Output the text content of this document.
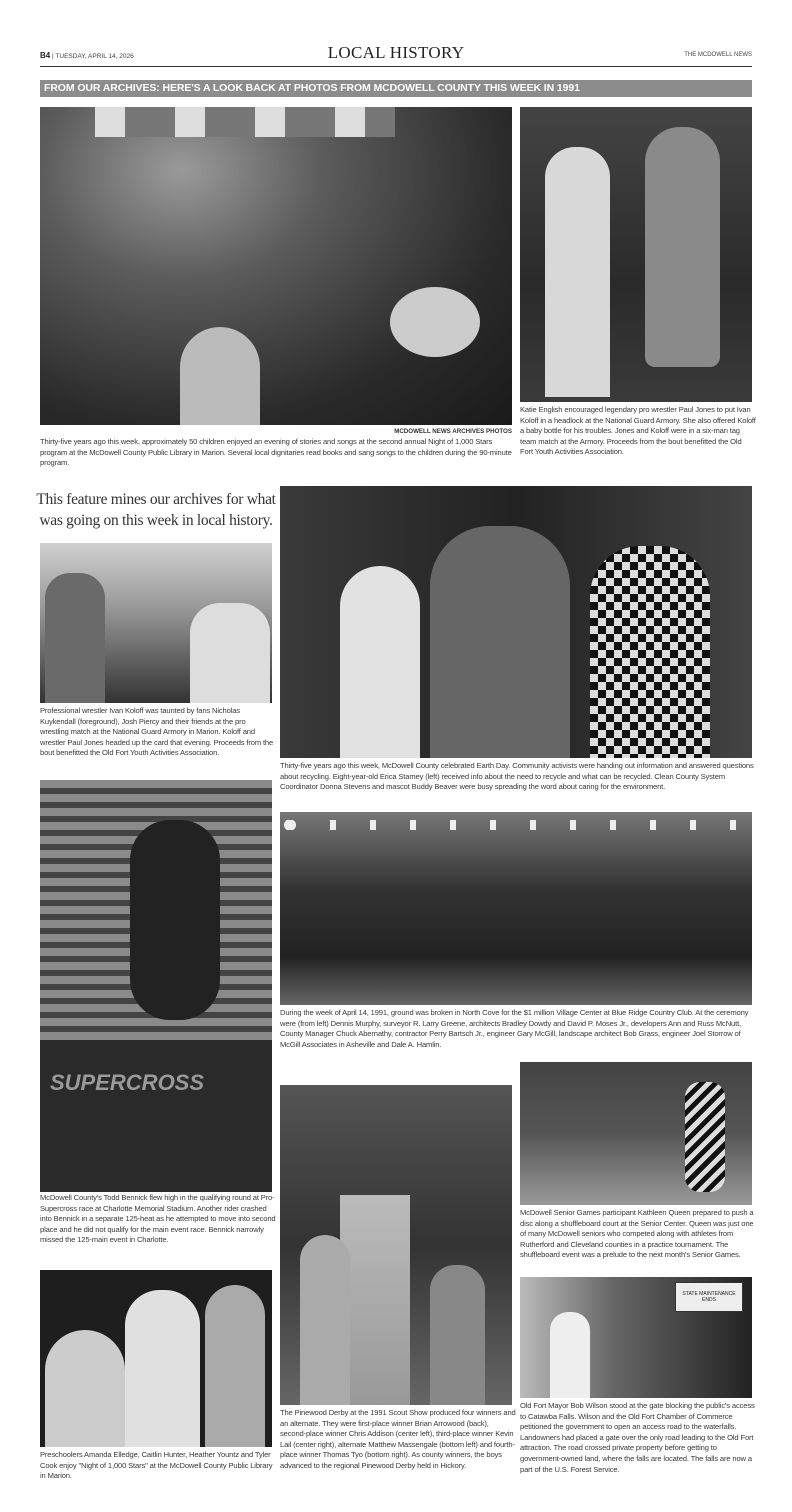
B4 | TUESDAY, APRIL 14, 2026	LOCAL HISTORY	THE MCDOWELL NEWS
FROM OUR ARCHIVES: HERE'S A LOOK BACK AT PHOTOS FROM MCDOWELL COUNTY THIS WEEK IN 1991
MCDOWELL NEWS ARCHIVES PHOTOS
Thirty-five years ago this week, approximately 50 children enjoyed an evening of stories and songs at the second annual Night of 1,000 Stars program at the McDowell County Public Library in Marion. Several local dignitaries read books and sang songs to the children during the 90-minute program.
Katie English encouraged legendary pro wrestler Paul Jones to put Ivan Koloff in a headlock at the National Guard Armory. She also offered Koloff a baby bottle for his troubles. Jones and Koloff were in a six-man tag team match at the Armory. Proceeds from the bout benefitted the Old Fort Youth Activities Association.
This feature mines our archives for what was going on this week in local history.
Professional wrestler Ivan Koloff was taunted by fans Nicholas Kuykendall (foreground), Josh Piercy and their friends at the pro wrestling match at the National Guard Armory in Marion. Koloff and wrestler Paul Jones headed up the card that evening. Proceeds from the bout benefitted the Old Fort Youth Activities Association.
Thirty-five years ago this week, McDowell County celebrated Earth Day. Community activists were handing out information and answered questions about recycling. Eight-year-old Erica Stamey (left) received info about the need to recycle and what can be recycled. Clean County System Coordinator Donna Stevens and mascot Buddy Beaver were busy spreading the word about caring for the environment.
SUPERCROSS
McDowell County's Todd Bennick flew high in the qualifying round at Pro-Supercross race at Charlotte Memorial Stadium. Another rider crashed into Bennick in a separate 125-heat as he attempted to move into second place and he did not qualify for the main event race. Bennick narrowly missed the 125-main event in Charlotte.
During the week of April 14, 1991, ground was broken in North Cove for the $1 million Village Center at Blue Ridge Country Club. At the ceremony were (from left) Dennis Murphy, surveyor R. Larry Greene, architects Bradley Dowdy and David P. Moses Jr., developers Ann and Russ McNutt, County Manager Chuck Abernathy, contractor Perry Bartsch Jr., engineer Gary McGill, landscape architect Bob Grass, engineer Joel Storrow of McGill Associates in Asheville and Dale A. Hamlin.
The Pinewood Derby at the 1991 Scout Show produced four winners and an alternate. They were first-place winner Brian Arrowood (back), second-place winner Chris Addison (center left), third-place winner Kevin Lail (center right), alternate Matthew Massengale (bottom left) and fourth-place winner Thomas Tyo (bottom right). As county winners, the boys advanced to the regional Pinewood Derby held in Hickory.
McDowell Senior Games participant Kathleen Queen prepared to push a disc along a shuffleboard court at the Senior Center. Queen was just one of many McDowell seniors who competed along with athletes from Rutherford and Cleveland counties in a practice tournament. The shuffleboard event was a prelude to the next month's Senior Games.
Preschoolers Amanda Elledge, Caitlin Hunter, Heather Yountz and Tyler Cook enjoy "Night of 1,000 Stars" at the McDowell County Public Library in Marion.
STATE MAINTENANCE ENDS
Old Fort Mayor Bob Wilson stood at the gate blocking the public's access to Catawba Falls. Wilson and the Old Fort Chamber of Commerce petitioned the government to open an access road to the waterfalls. Landowners had placed a gate over the only road leading to the Old Fort attraction. The road crossed private property before getting to government-owned land, where the falls are located. The falls are now a part of the U.S. Forest Service.
